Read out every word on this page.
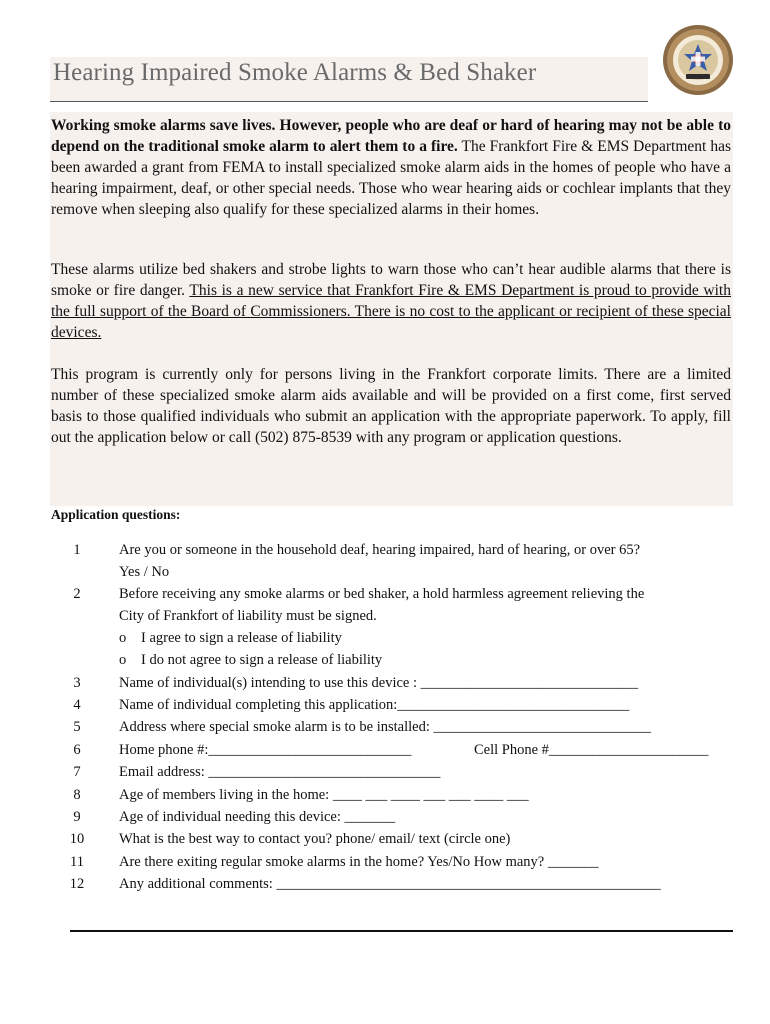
Hearing Impaired Smoke Alarms & Bed Shaker
Working smoke alarms save lives. However, people who are deaf or hard of hearing may not be able to depend on the traditional smoke alarm to alert them to a fire. The Frankfort Fire & EMS Department has been awarded a grant from FEMA to install specialized smoke alarm aids in the homes of people who have a hearing impairment, deaf, or other special needs. Those who wear hearing aids or cochlear implants that they remove when sleeping also qualify for these specialized alarms in their homes.
These alarms utilize bed shakers and strobe lights to warn those who can’t hear audible alarms that there is smoke or fire danger. This is a new service that Frankfort Fire & EMS Department is proud to provide with the full support of the Board of Commissioners. There is no cost to the applicant or recipient of these special devices.
This program is currently only for persons living in the Frankfort corporate limits. There are a limited number of these specialized smoke alarm aids available and will be provided on a first come, first served basis to those qualified individuals who submit an application with the appropriate paperwork. To apply, fill out the application below or call (502) 875-8539 with any program or application questions.
Application questions:
1	Are you or someone in the household deaf, hearing impaired, hard of hearing, or over 65?
Yes / No
2	Before receiving any smoke alarms or bed shaker, a hold harmless agreement relieving the
City of Frankfort of liability must be signed.
o I agree to sign a release of liability
o I do not agree to sign a release of liability
3	Name of individual(s) intending to use this device : ______________________________
4	Name of individual completing this application:________________________________
5	Address where special smoke alarm is to be installed: ______________________________
6	Home phone #:____________________________	Cell Phone #______________________
7	Email address: ________________________________
8	Age of members living in the home: ____ ___ ____ ___ ___ ____ ___
9	Age of individual needing this device: _______
10	What is the best way to contact you? phone/ email/ text (circle one)
11	Are there exiting regular smoke alarms in the home? Yes/No How many? _______
12	Any additional comments: _____________________________________________________
